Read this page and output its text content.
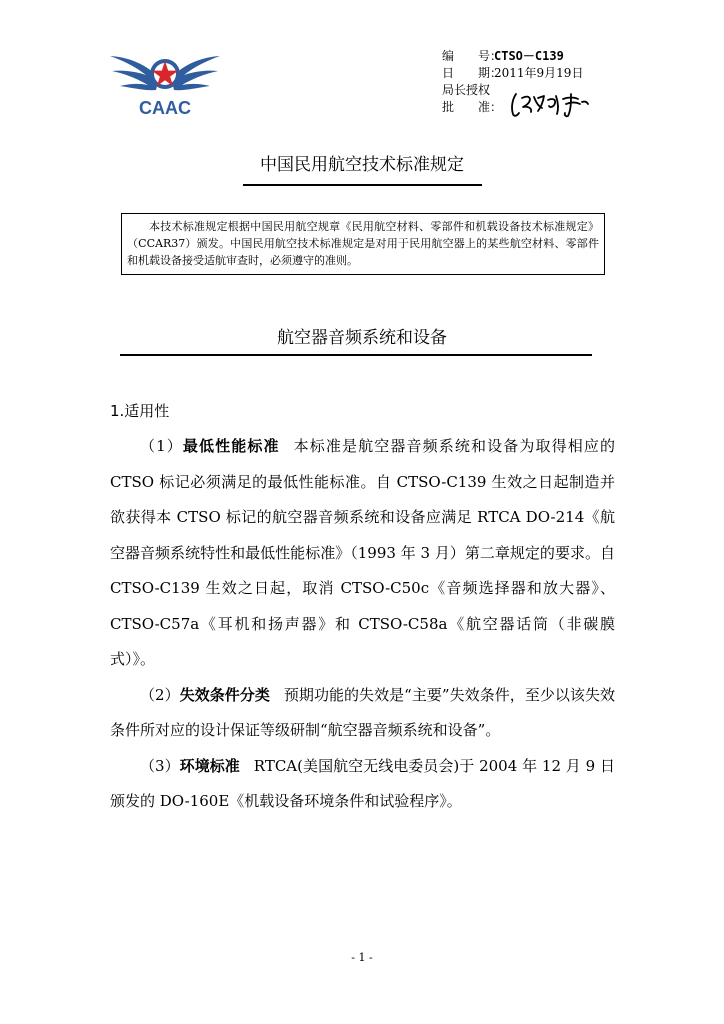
CAAC
编　　号：CTSO－C139
日　　期：2011年9月19日
局长授权
批　　准：
中国民用航空技术标准规定
本技术标准规定根据中国民用航空规章《民用航空材料、零部件和机载设备技术标准规定》（CCAR37）颁发。中国民用航空技术标准规定是对用于民用航空器上的某些航空材料、零部件和机载设备接受适航审查时，必须遵守的准则。
航空器音频系统和设备
1.适用性

（1）最低性能标准 本标准是航空器音频系统和设备为取得相应的 CTSO 标记必须满足的最低性能标准。自 CTSO-C139 生效之日起制造并欲获得本 CTSO 标记的航空器音频系统和设备应满足 RTCA DO-214《航空器音频系统特性和最低性能标准》（1993 年 3 月）第二章规定的要求。自 CTSO-C139 生效之日起，取消 CTSO-C50c《音频选择器和放大器》、CTSO-C57a《耳机和扬声器》和 CTSO-C58a《航空器话筒（非碳膜式）》。

（2）失效条件分类 预期功能的失效是“主要”失效条件，至少以该失效条件所对应的设计保证等级研制“航空器音频系统和设备”。

（3）环境标准 RTCA(美国航空无线电委员会)于 2004 年 12 月 9 日颁发的 DO-160E《机载设备环境条件和试验程序》。

- 1 -
